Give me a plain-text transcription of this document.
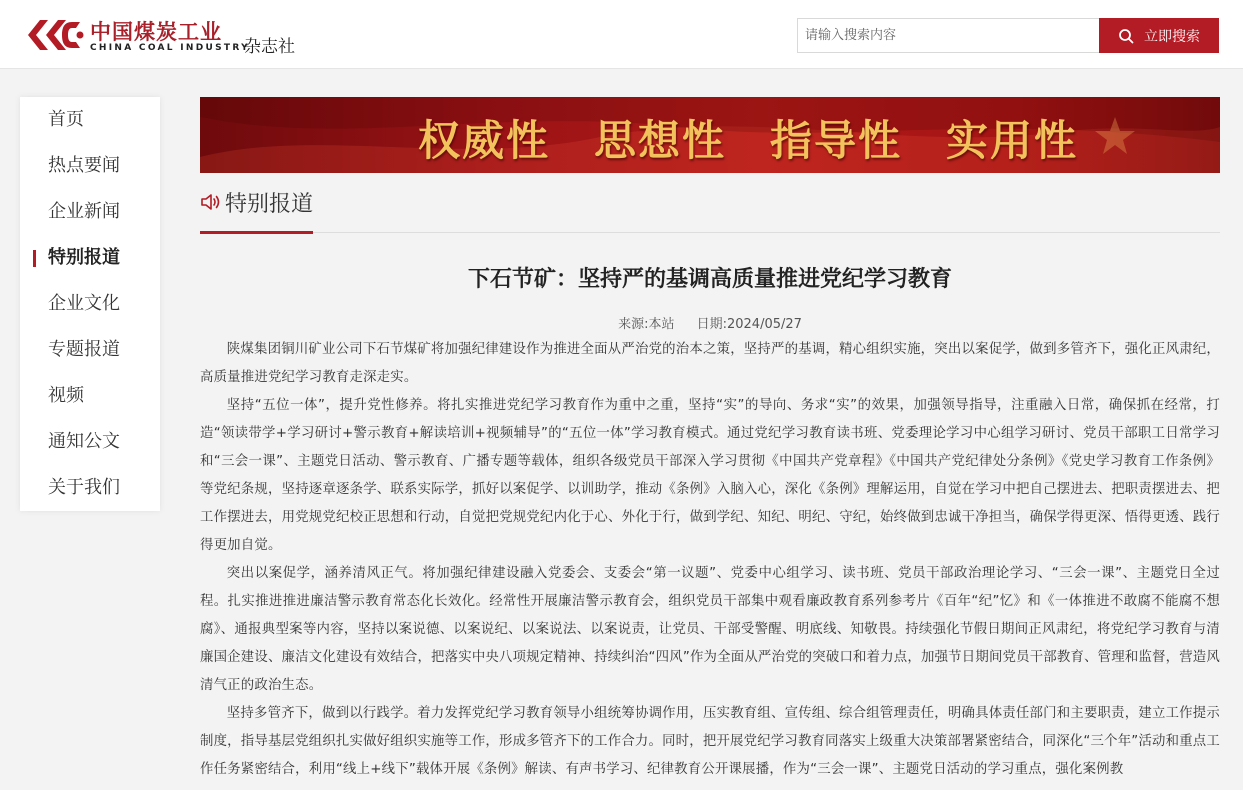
中国煤炭工业
CHINA COAL INDUSTRY
杂志社
请输入搜索内容
立即搜索
首页
热点要闻
企业新闻
特别报道
企业文化
专题报道
视频
通知公文
关于我们
权威性　思想性　指导性　实用性
特别报道
下石节矿：坚持严的基调高质量推进党纪学习教育
来源:本站 日期:2024/05/27

陕煤集团铜川矿业公司下石节煤矿将加强纪律建设作为推进全面从严治党的治本之策，坚持严的基调，精心组织实施，突出以案促学，做到多管齐下，强化正风肃纪，高质量推进党纪学习教育走深走实。

坚持“五位一体”，提升党性修养。将扎实推进党纪学习教育作为重中之重，坚持“实”的导向、务求“实”的效果，加强领导指导，注重融入日常，确保抓在经常，打造“领读带学+学习研讨+警示教育+解读培训+视频辅导”的“五位一体”学习教育模式。通过党纪学习教育读书班、党委理论学习中心组学习研讨、党员干部职工日常学习和“三会一课”、主题党日活动、警示教育、广播专题等载体，组织各级党员干部深入学习贯彻《中国共产党章程》《中国共产党纪律处分条例》《党史学习教育工作条例》等党纪条规，坚持逐章逐条学、联系实际学，抓好以案促学、以训助学，推动《条例》入脑入心，深化《条例》理解运用，自觉在学习中把自己摆进去、把职责摆进去、把工作摆进去，用党规党纪校正思想和行动，自觉把党规党纪内化于心、外化于行，做到学纪、知纪、明纪、守纪，始终做到忠诚干净担当，确保学得更深、悟得更透、践行得更加自觉。

突出以案促学，涵养清风正气。将加强纪律建设融入党委会、支委会“第一议题”、党委中心组学习、读书班、党员干部政治理论学习、“三会一课”、主题党日全过程。扎实推进推进廉洁警示教育常态化长效化。经常性开展廉洁警示教育会，组织党员干部集中观看廉政教育系列参考片《百年“纪”忆》和《一体推进不敢腐不能腐不想腐》、通报典型案等内容，坚持以案说德、以案说纪、以案说法、以案说责，让党员、干部受警醒、明底线、知敬畏。持续强化节假日期间正风肃纪，将党纪学习教育与清廉国企建设、廉洁文化建设有效结合，把落实中央八项规定精神、持续纠治“四风”作为全面从严治党的突破口和着力点，加强节日期间党员干部教育、管理和监督，营造风清气正的政治生态。

坚持多管齐下，做到以行践学。着力发挥党纪学习教育领导小组统筹协调作用，压实教育组、宣传组、综合组管理责任，明确具体责任部门和主要职责，建立工作提示制度，指导基层党组织扎实做好组织实施等工作，形成多管齐下的工作合力。同时，把开展党纪学习教育同落实上级重大决策部署紧密结合，同深化“三个年”活动和重点工作任务紧密结合，利用“线上+线下”载体开展《条例》解读、有声书学习、纪律教育公开课展播，作为“三会一课”、主题党日活动的学习重点，强化案例教
